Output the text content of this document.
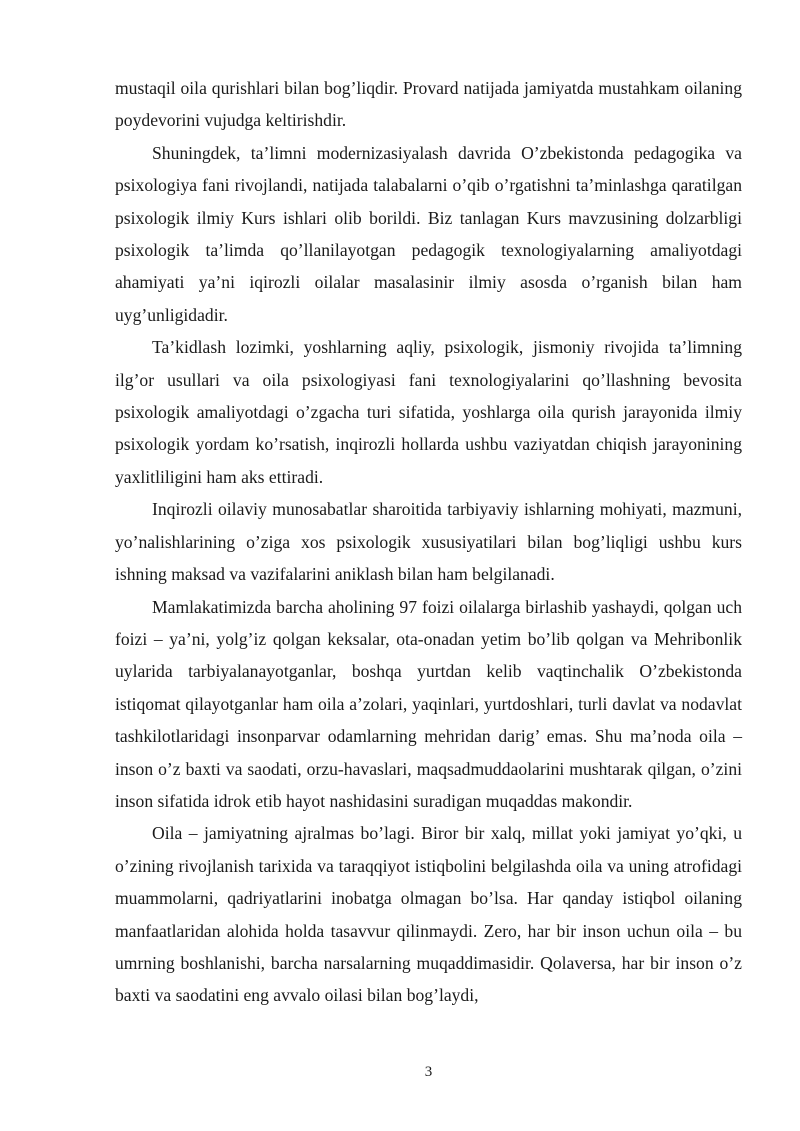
mustaqil oila qurishlari bilan bog’liqdir. Provard natijada jamiyatda mustahkam oilaning poydevorini vujudga keltirishdir.

Shuningdek, ta’limni modernizasiyalash davrida O’zbekistonda pedagogika va psixologiya fani rivojlandi, natijada talabalarni o’qib o’rgatishni ta’minlashga qaratilgan psixologik ilmiy Kurs ishlari olib borildi. Biz tanlagan Kurs mavzusining dolzarbligi psixologik ta’limda qo’llanilayotgan pedagogik texnologiyalarning amaliyotdagi ahamiyati ya’ni iqirozli oilalar masalasinir ilmiy asosda o’rganish bilan ham uyg’unligidadir.

Ta’kidlash lozimki, yoshlarning aqliy, psixologik, jismoniy rivojida ta’limning ilg’or usullari va oila psixologiyasi fani texnologiyalarini qo’llashning bevosita psixologik amaliyotdagi o’zgacha turi sifatida, yoshlarga oila qurish jarayonida ilmiy psixologik yordam ko’rsatish, inqirozli hollarda ushbu vaziyatdan chiqish jarayonining yaxlitliligini ham aks ettiradi.

Inqirozli oilaviy munosabatlar sharoitida tarbiyaviy ishlarning mohiyati, mazmuni, yo’nalishlarining o’ziga xos psixologik xususiyatilari bilan bog’liqligi ushbu kurs ishning maksad va vazifalarini aniklash bilan ham belgilanadi.

Mamlakatimizda barcha aholining 97 foizi oilalarga birlashib yashaydi, qolgan uch foizi – ya’ni, yolg’iz qolgan keksalar, ota-onadan yetim bo’lib qolgan va Mehribonlik uylarida tarbiyalanayotganlar, boshqa yurtdan kelib vaqtinchalik O’zbekistonda istiqomat qilayotganlar ham oila a’zolari, yaqinlari, yurtdoshlari, turli davlat va nodavlat tashkilotlaridagi insonparvar odamlarning mehridan darig’ emas. Shu ma’noda oila – inson o’z baxti va saodati, orzu-havaslari, maqsadmuddaolarini mushtarak qilgan, o’zini inson sifatida idrok etib hayot nashidasini suradigan muqaddas makondir.

Oila – jamiyatning ajralmas bo’lagi. Biror bir xalq, millat yoki jamiyat yo’qki, u o’zining rivojlanish tarixida va taraqqiyot istiqbolini belgilashda oila va uning atrofidagi muammolarni, qadriyatlarini inobatga olmagan bo’lsa. Har qanday istiqbol oilaning manfaatlaridan alohida holda tasavvur qilinmaydi. Zero, har bir inson uchun oila – bu umrning boshlanishi, barcha narsalarning muqaddimasidir. Qolaversa, har bir inson o’z baxti va saodatini eng avvalo oilasi bilan bog’laydi,

3
